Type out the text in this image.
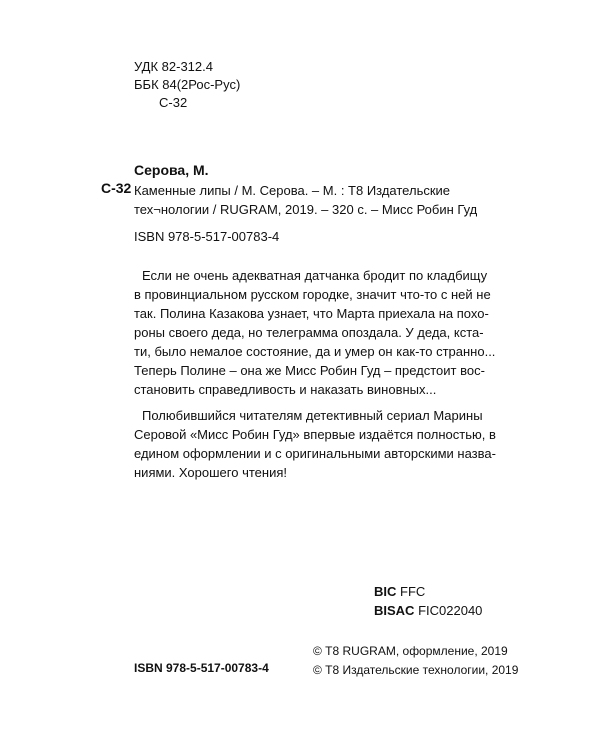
УДК 82-312.4
ББК 84(2Рос-Рус)
С-32
С-32
Серова, М.
Каменные липы / М. Серова. – М. : Т8 Издательские
тех¬нологии / RUGRAM, 2019. – 320 с. – Мисс Робин Гуд
ISBN 978-5-517-00783-4

Если не очень адекватная датчанка бродит по кладбищу
в провинциальном русском городке, значит что-то с ней не
так. Полина Казакова узнает, что Марта приехала на похо-
роны своего деда, но телеграмма опоздала. У деда, кста-
ти, было немалое состояние, да и умер он как-то странно...
Теперь Полине – она же Мисс Робин Гуд – предстоит вос-
становить справедливость и наказать виновных...

Полюбившийся читателям детективный сериал Марины
Серовой «Мисс Робин Гуд» впервые издаётся полностью, в
едином оформлении и с оригинальными авторскими назва-
ниями. Хорошего чтения!

BIC FFC
BISAC FIC022040
© Т8 RUGRAM, оформление, 2019
© Т8 Издательские технологии, 2019
ISBN 978-5-517-00783-4
